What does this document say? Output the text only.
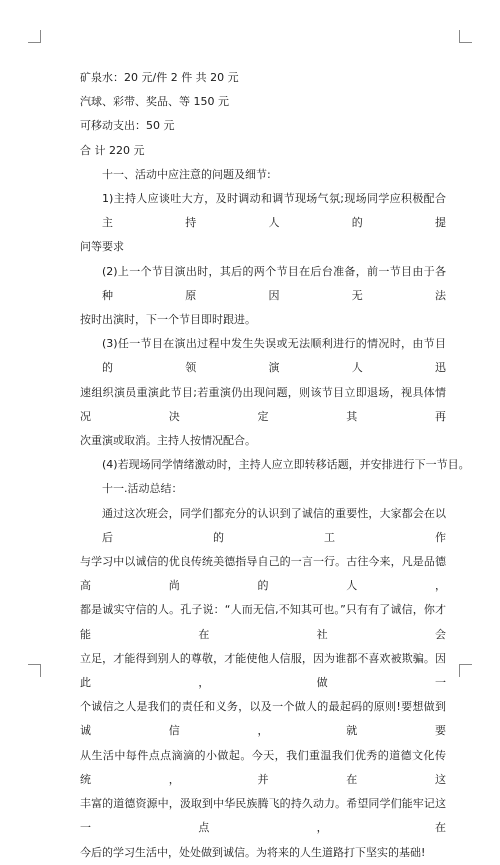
矿泉水：20 元/件 2 件 共 20 元
汽球、彩带、奖品、等 150 元
可移动支出：50 元
合 计 220 元
十一、活动中应注意的问题及细节:
1)主持人应谈吐大方，及时调动和调节现场气氛;现场同学应积极配合主持人的提
问等要求
(2)上一个节目演出时，其后的两个节目在后台准备，前一节目由于各种原因无法
按时出演时，下一个节目即时跟进。
(3)任一节目在演出过程中发生失误或无法顺利进行的情况时，由节目的领演人迅
速组织演员重演此节目;若重演仍出现问题，则该节目立即退场，视具体情况决定其再
次重演或取消。主持人按情况配合。
(4)若现场同学情绪激动时，主持人应立即转移话题，并安排进行下一节目。
十一.活动总结：
通过这次班会，同学们都充分的认识到了诚信的重要性，大家都会在以后的工作
与学习中以诚信的优良传统美德指导自己的一言一行。古往今来，凡是品德高尚的人，
都是诚实守信的人。孔子说：“人而无信,不知其可也。”只有有了诚信，你才能在社会
立足，才能得到别人的尊敬，才能使他人信服，因为谁都不喜欢被欺骗。因此，做一
个诚信之人是我们的责任和义务，以及一个做人的最起码的原则!要想做到诚信，就要
从生活中每件点点滴滴的小做起。今天，我们重温我们优秀的道德文化传统，并在这
丰富的道德资源中，汲取到中华民族腾飞的持久动力。希望同学们能牢记这一点，在
今后的学习生活中，处处做到诚信。为将来的人生道路打下坚实的基础!
